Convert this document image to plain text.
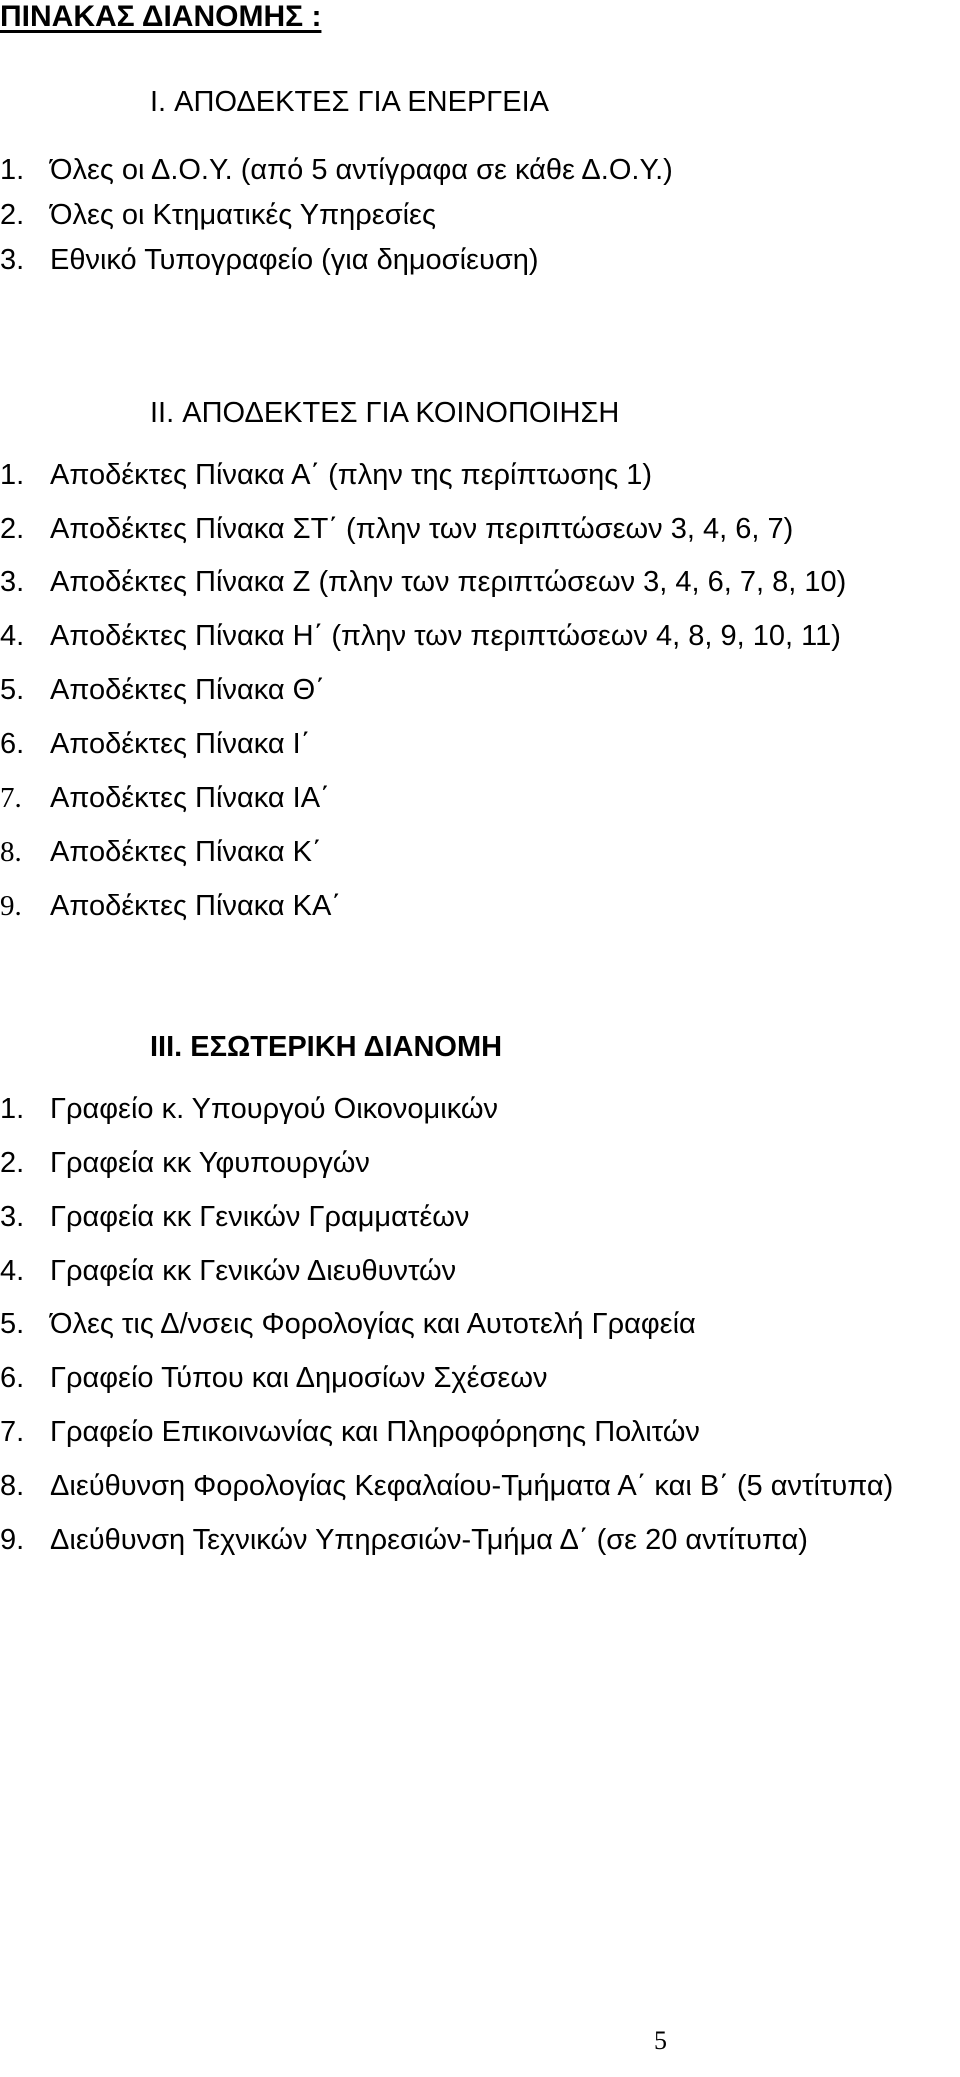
ΠΙΝΑΚΑΣ ΔΙΑΝΟΜΗΣ :
I. ΑΠΟΔΕΚΤΕΣ ΓΙΑ ΕΝΕΡΓΕΙΑ
1. Όλες οι Δ.Ο.Υ. (από 5 αντίγραφα σε κάθε Δ.Ο.Υ.)
2. Όλες οι Κτηματικές Υπηρεσίες
3. Εθνικό Τυπογραφείο (για δημοσίευση)
II. ΑΠΟΔΕΚΤΕΣ ΓΙΑ ΚΟΙΝΟΠΟΙΗΣΗ
1. Αποδέκτες Πίνακα Α΄ (πλην της περίπτωσης 1)
2. Αποδέκτες Πίνακα ΣΤ΄ (πλην των περιπτώσεων 3, 4, 6, 7)
3. Αποδέκτες Πίνακα Ζ (πλην των περιπτώσεων 3, 4, 6, 7, 8, 10)
4. Αποδέκτες Πίνακα Η΄ (πλην των περιπτώσεων 4, 8, 9, 10, 11)
5. Αποδέκτες Πίνακα Θ΄
6. Αποδέκτες Πίνακα Ι΄
7. Αποδέκτες Πίνακα ΙΑ΄
8. Αποδέκτες Πίνακα Κ΄
9. Αποδέκτες Πίνακα ΚΑ΄
III. ΕΣΩΤΕΡΙΚΗ ΔΙΑΝΟΜΗ
1. Γραφείο κ. Υπουργού Οικονομικών
2. Γραφεία κκ Υφυπουργών
3. Γραφεία κκ Γενικών Γραμματέων
4. Γραφεία κκ Γενικών Διευθυντών
5. Όλες τις Δ/νσεις Φορολογίας και Αυτοτελή Γραφεία
6. Γραφείο Τύπου και Δημοσίων Σχέσεων
7. Γραφείο Επικοινωνίας και Πληροφόρησης Πολιτών
8. Διεύθυνση Φορολογίας Κεφαλαίου-Τμήματα Α΄ και Β΄ (5 αντίτυπα)
9. Διεύθυνση Τεχνικών Υπηρεσιών-Τμήμα Δ΄ (σε 20 αντίτυπα)
5
